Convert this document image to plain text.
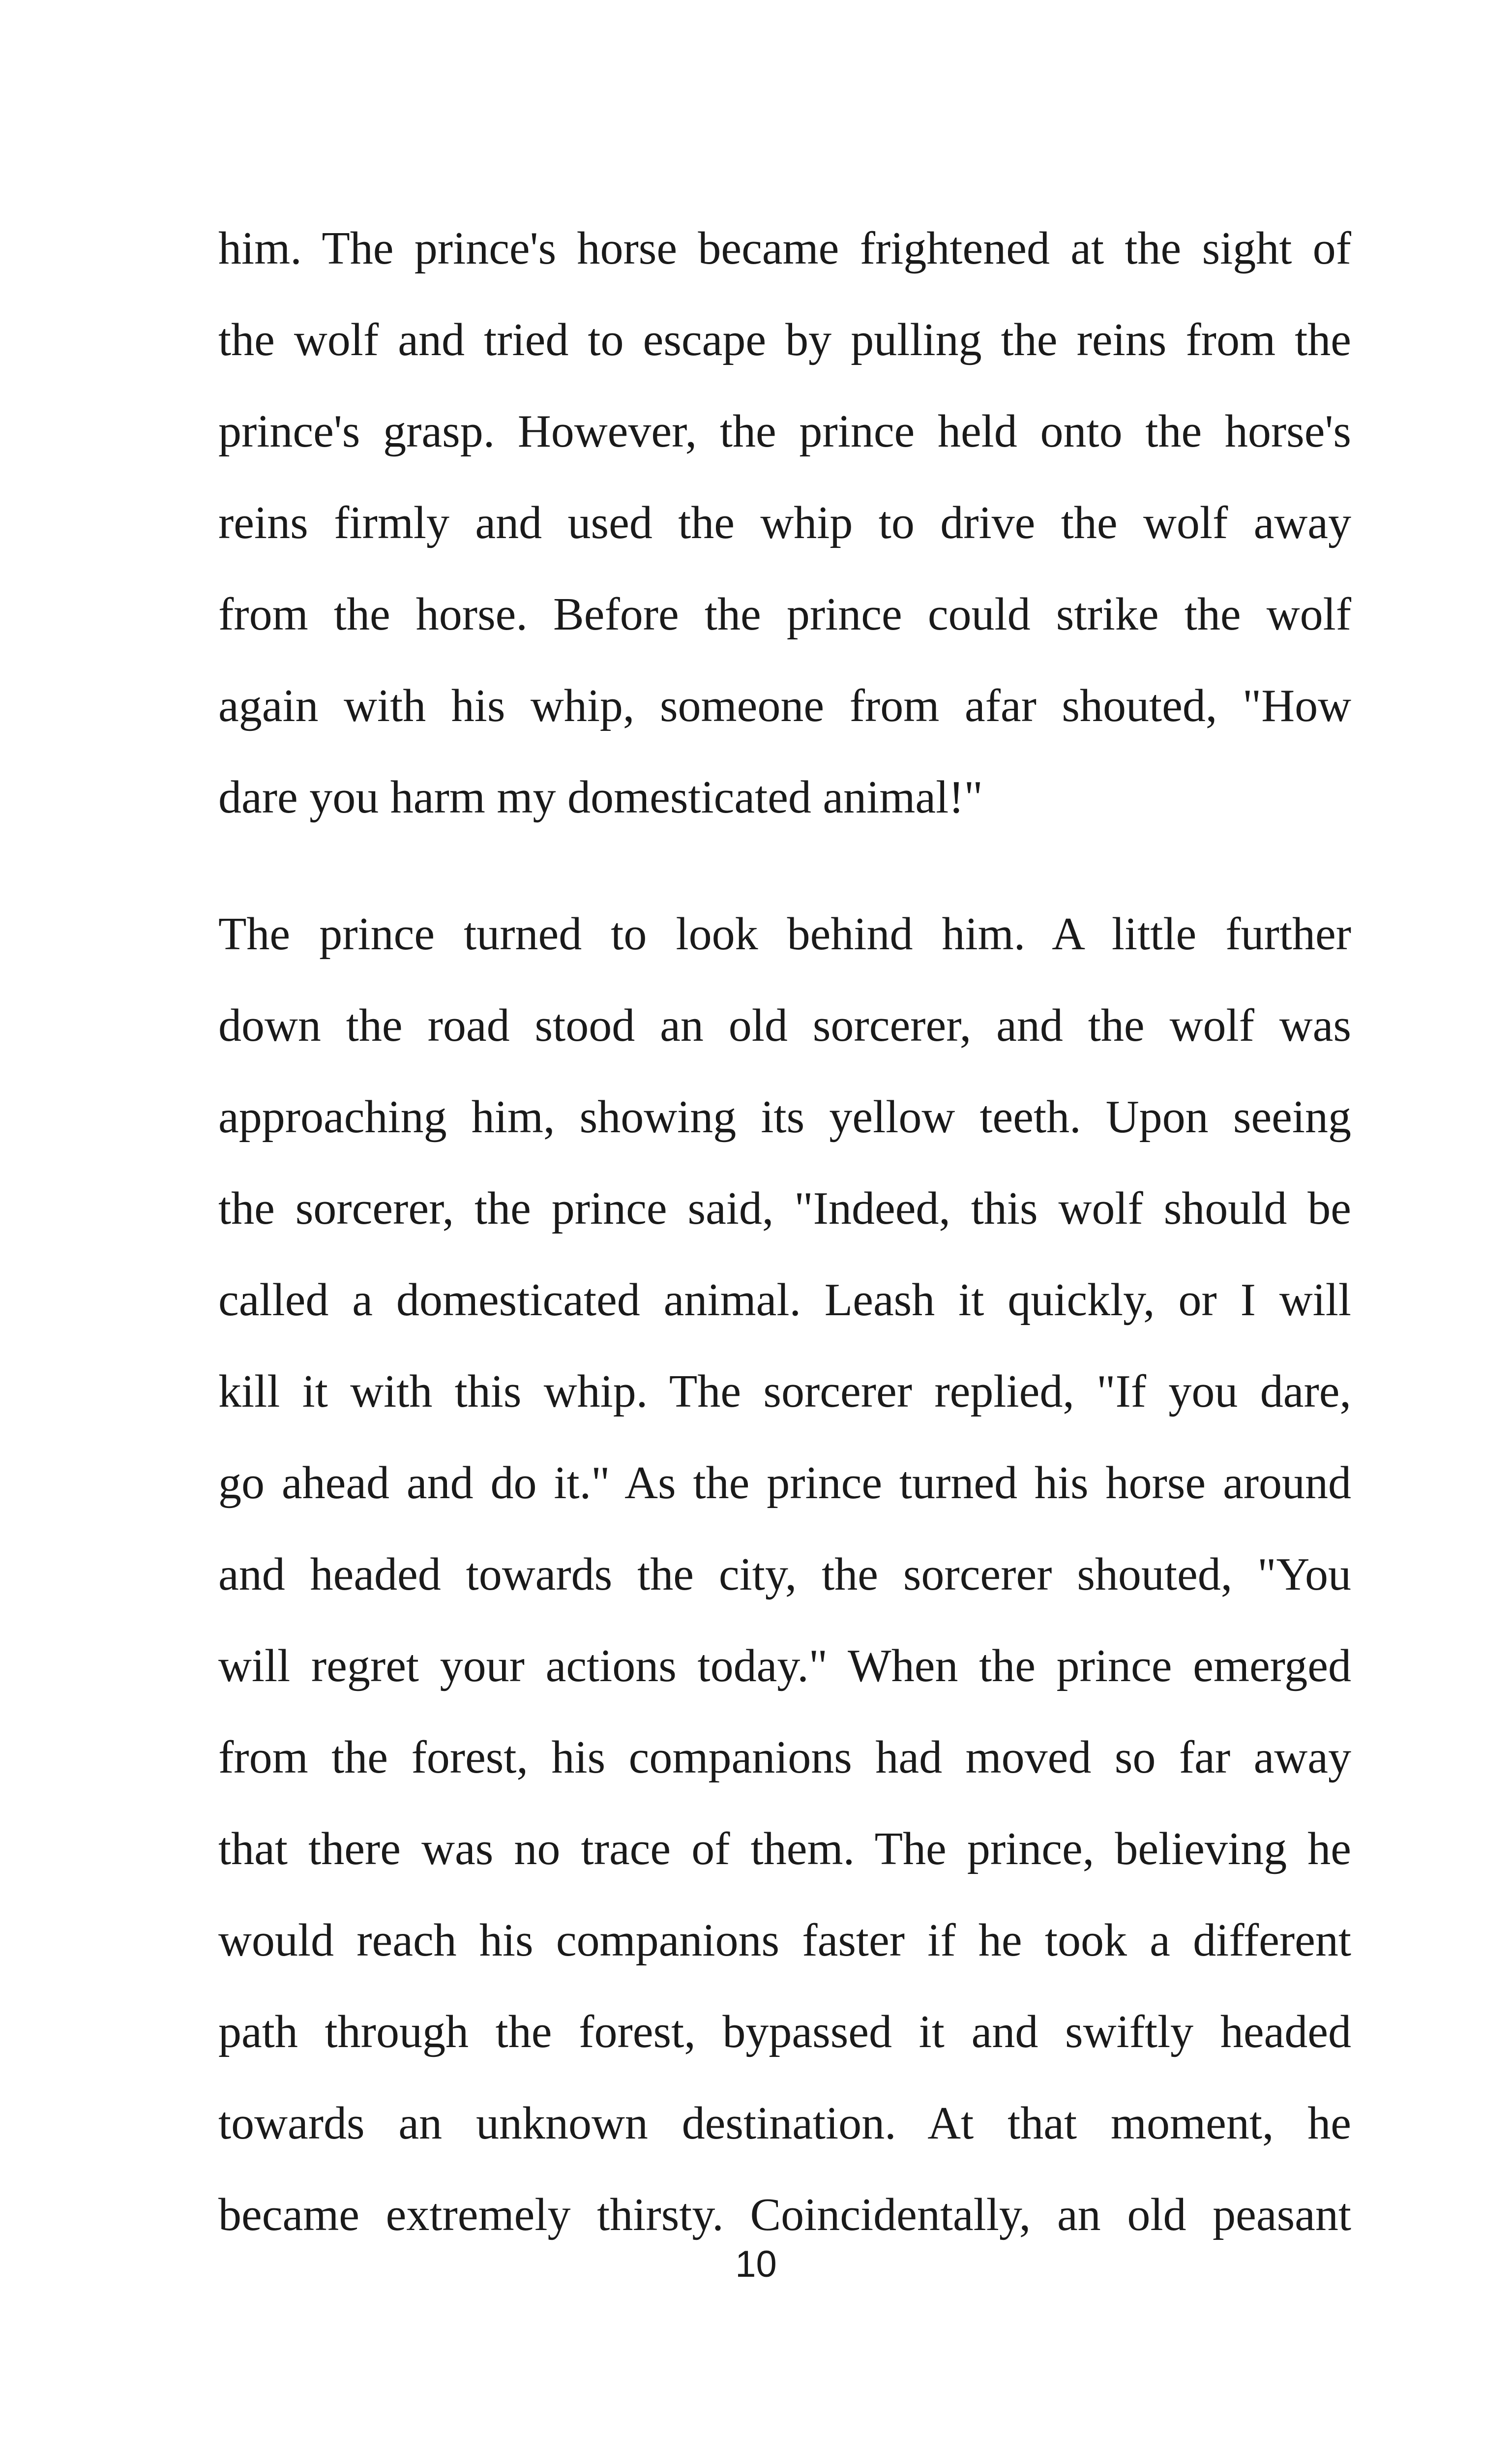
him. The prince's horse became frightened at the sight of
the wolf and tried to escape by pulling the reins from the
prince's grasp. However, the prince held onto the horse's
reins firmly and used the whip to drive the wolf away
from the horse. Before the prince could strike the wolf
again with his whip, someone from afar shouted, "How
dare you harm my domesticated animal!"
The prince turned to look behind him. A little further
down the road stood an old sorcerer, and the wolf was
approaching him, showing its yellow teeth. Upon seeing
the sorcerer, the prince said, "Indeed, this wolf should be
called a domesticated animal. Leash it quickly, or I will
kill it with this whip. The sorcerer replied, "If you dare,
go ahead and do it." As the prince turned his horse around
and headed towards the city, the sorcerer shouted, "You
will regret your actions today." When the prince emerged
from the forest, his companions had moved so far away
that there was no trace of them. The prince, believing he
would reach his companions faster if he took a different
path through the forest, bypassed it and swiftly headed
towards an unknown destination. At that moment, he
became extremely thirsty. Coincidentally, an old peasant
10
